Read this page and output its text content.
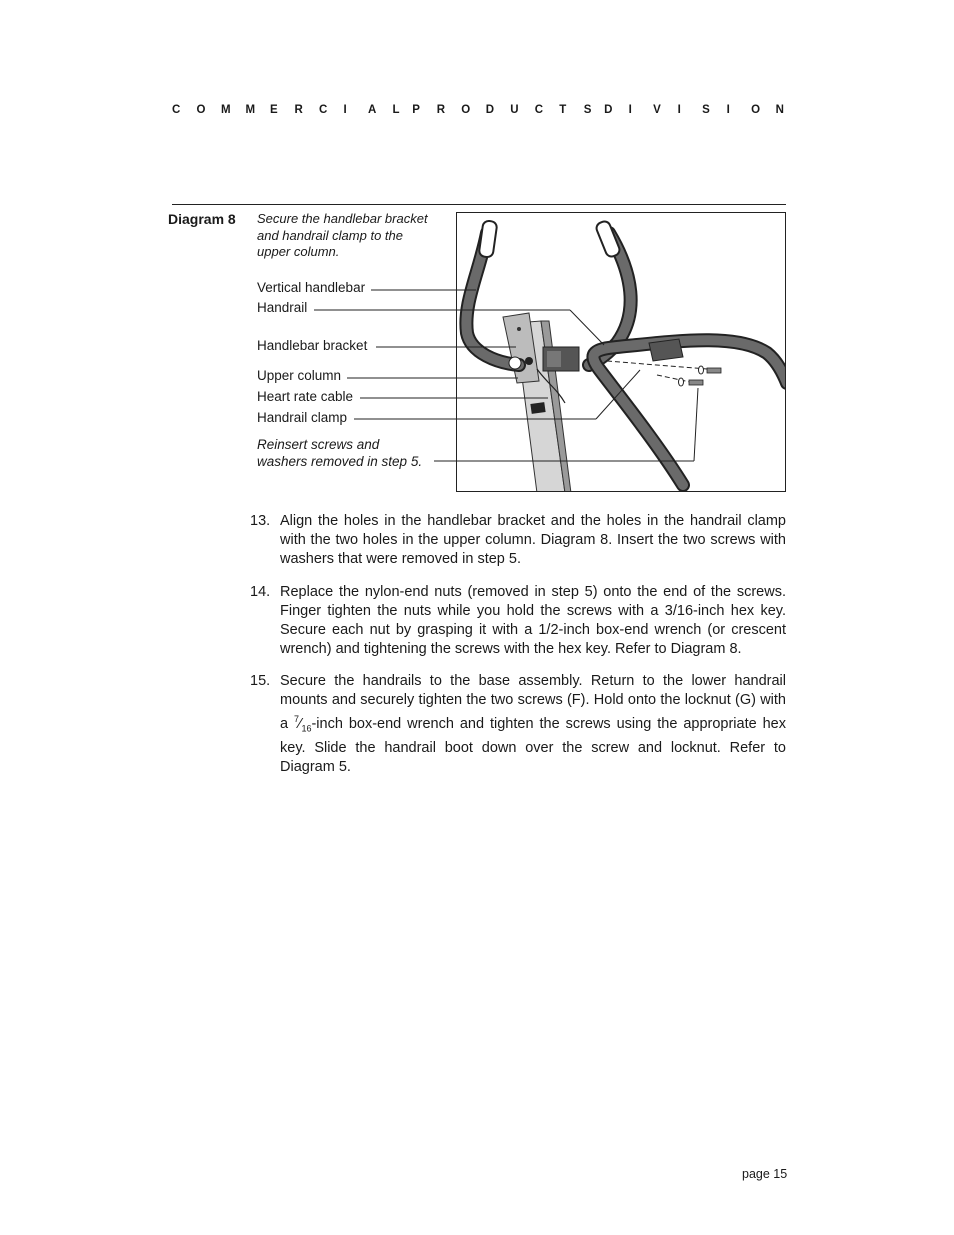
C	O	M	M	E	R	C	I	A	L P	R	O	D	U	C	T	S D	I	V	I	S	I	O	N
Diagram 8 Secure the handlebar bracket
and handrail clamp to the
upper column.
Vertical handlebar
Handrail
Handlebar bracket
Upper column
Heart rate cable
Handrail clamp
Reinsert screws and
washers removed in step 5.
13. Align the holes in the handlebar bracket and the holes in the handrail clamp with the two holes in the upper column. Diagram 8. Insert the two screws with washers that were removed in step 5.
14. Replace the nylon-end nuts (removed in step 5) onto the end of the screws. Finger tighten the nuts while you hold the screws with a 3/16-inch hex key. Secure each nut by grasping it with a 1/2-inch box-end wrench (or crescent wrench) and tightening the screws with the hex key. Refer to Diagram 8.
15. Secure the handrails to the base assembly. Return to the lower handrail mounts and securely tighten the two screws (F). Hold onto the locknut (G) with a $^7⁄_{16}$-inch box-end wrench and tighten the screws using the appropriate hex key. Slide the handrail boot down over the screw and locknut. Refer to Diagram 5.
page 15
